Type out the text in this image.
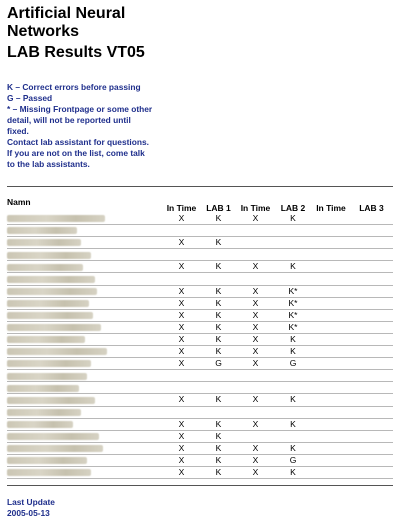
Artificial Neural
Networks
LAB Results VT05
K – Correct errors before passing
G – Passed
* – Missing Frontpage or some other
detail, will not be reported until
fixed.
Contact lab assistant for questions.
If you are not on the list, come talk
to the lab assistants.
Namn	In Time	LAB 1	In Time	LAB 2	In Time	LAB 3
	X	K	X	K		

	X	K				

	X	K	X	K		

	X	K	X	K*		
	X	K	X	K*		
	X	K	X	K*		
	X	K	X	K*		
	X	K	X	K		
	X	K	X	K		
	X	G	X	G		

	X	K	X	K		

	X	K	X	K		
	X	K				
	X	K	X	K		
	X	K	X	G		
	X	K	X	K		
Last Update
2005-05-13
